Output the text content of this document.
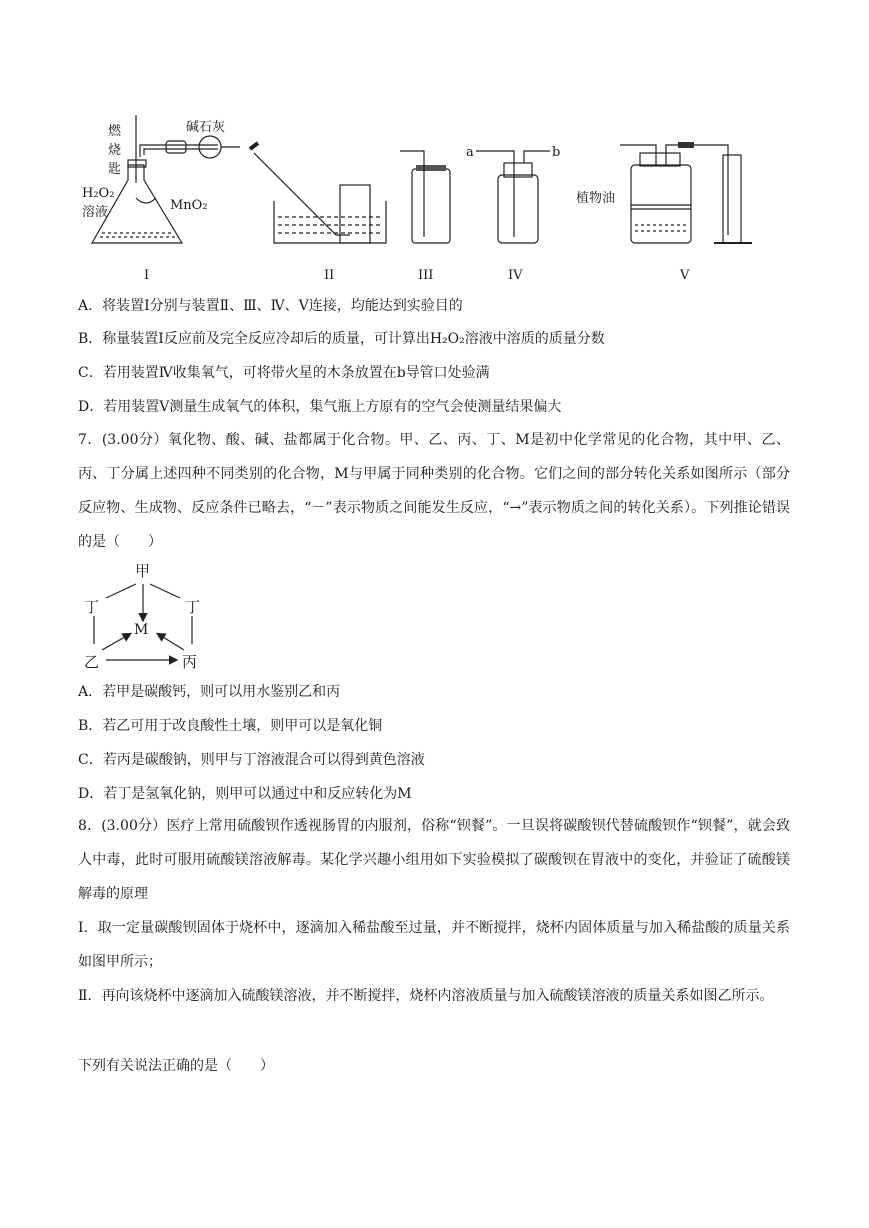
燃
烧
匙
碱石灰
H₂O₂
溶液	MnO₂
a	b
植物油
I	II	III	IV	V
A．将装置Ⅰ分别与装置Ⅱ、Ⅲ、Ⅳ、Ⅴ连接，均能达到实验目的
B．称量装置Ⅰ反应前及完全反应冷却后的质量，可计算出H₂O₂溶液中溶质的质量分数
C．若用装置Ⅳ收集氧气，可将带火星的木条放置在b导管口处验满
D．若用装置Ⅴ测量生成氧气的体积，集气瓶上方原有的空气会使测量结果偏大
7．(3.00分）氧化物、酸、碱、盐都属于化合物。甲、乙、丙、丁、M是初中化学常见的化合物，其中甲、乙、丙、丁分属上述四种不同类别的化合物，M与甲属于同种类别的化合物。它们之间的部分转化关系如图所示（部分反应物、生成物、反应条件已略去，“－”表示物质之间能发生反应，“→”表示物质之间的转化关系）。下列推论错误的是（　　）
甲
丁	丁
M
乙	丙
A．若甲是碳酸钙，则可以用水鉴别乙和丙
B．若乙可用于改良酸性土壤，则甲可以是氧化铜
C．若丙是碳酸钠，则甲与丁溶液混合可以得到黄色溶液
D．若丁是氢氧化钠，则甲可以通过中和反应转化为M
8．(3.00分）医疗上常用硫酸钡作透视肠胃的内服剂，俗称“钡餐”。一旦误将碳酸钡代替硫酸钡作“钡餐”，就会致人中毒，此时可服用硫酸镁溶液解毒。某化学兴趣小组用如下实验模拟了碳酸钡在胃液中的变化，并验证了硫酸镁解毒的原理
Ⅰ．取一定量碳酸钡固体于烧杯中，逐滴加入稀盐酸至过量，并不断搅拌，烧杯内固体质量与加入稀盐酸的质量关系如图甲所示；
Ⅱ．再向该烧杯中逐滴加入硫酸镁溶液，并不断搅拌，烧杯内溶液质量与加入硫酸镁溶液的质量关系如图乙所示。
下列有关说法正确的是（　　）
